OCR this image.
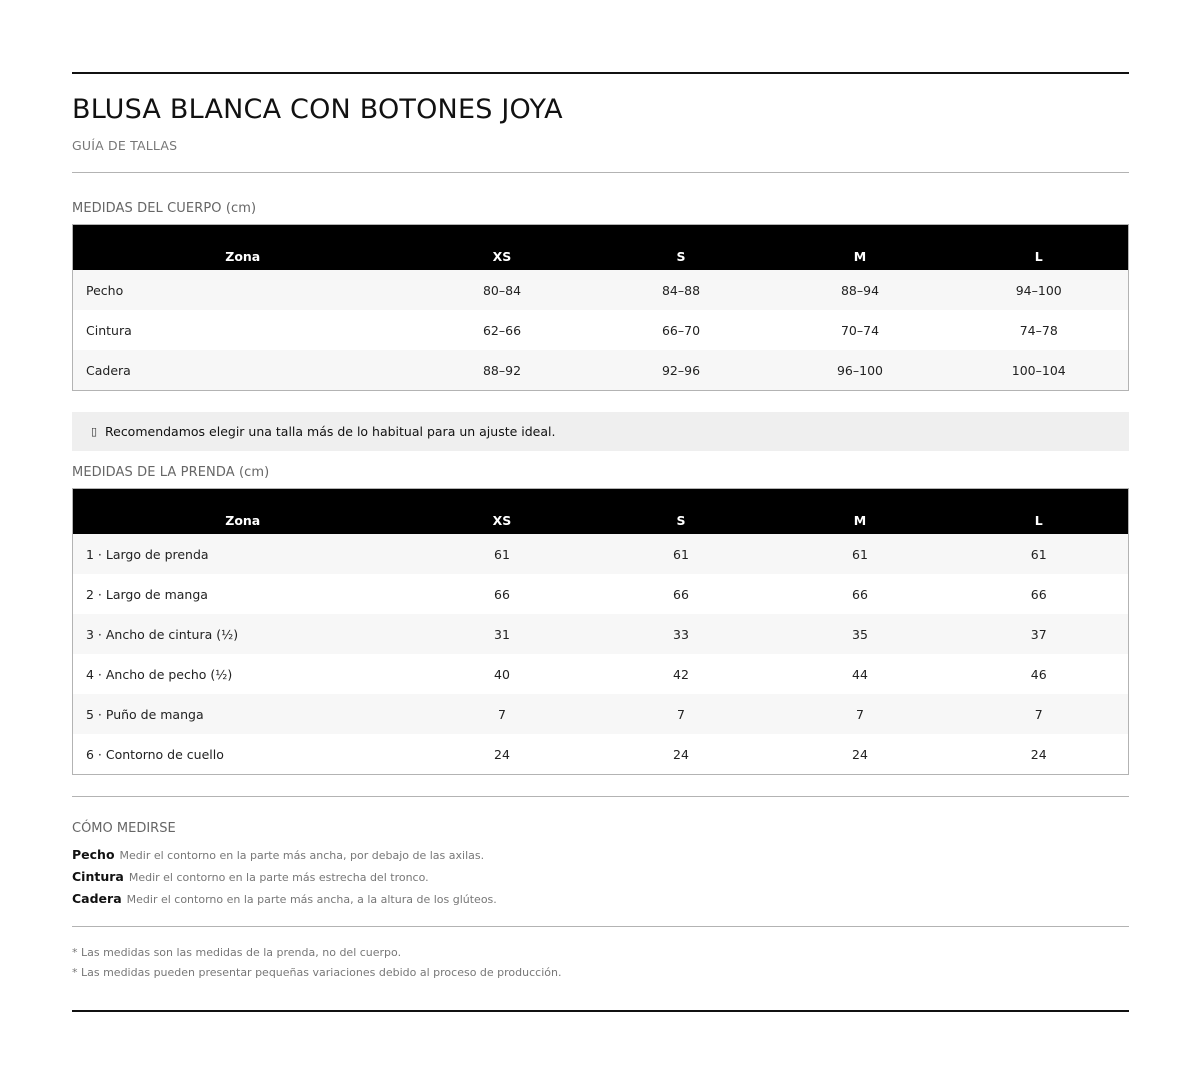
BLUSA BLANCA CON BOTONES JOYA
GUÍA DE TALLAS
MEDIDAS DEL CUERPO (cm)
Zona	XS	S	M	L
Pecho	80–84	84–88	88–94	94–100
Cintura	62–66	66–70	70–74	74–78
Cadera	88–92	92–96	96–100	100–104
▯ Recomendamos elegir una talla más de lo habitual para un ajuste ideal.
MEDIDAS DE LA PRENDA (cm)
Zona	XS	S	M	L
1 · Largo de prenda	61	61	61	61
2 · Largo de manga	66	66	66	66
3 · Ancho de cintura (½)	31	33	35	37
4 · Ancho de pecho (½)	40	42	44	46
5 · Puño de manga	7	7	7	7
6 · Contorno de cuello	24	24	24	24
CÓMO MEDIRSE
Pecho Medir el contorno en la parte más ancha, por debajo de las axilas.
Cintura Medir el contorno en la parte más estrecha del tronco.
Cadera Medir el contorno en la parte más ancha, a la altura de los glúteos.
* Las medidas son las medidas de la prenda, no del cuerpo.
* Las medidas pueden presentar pequeñas variaciones debido al proceso de producción.
